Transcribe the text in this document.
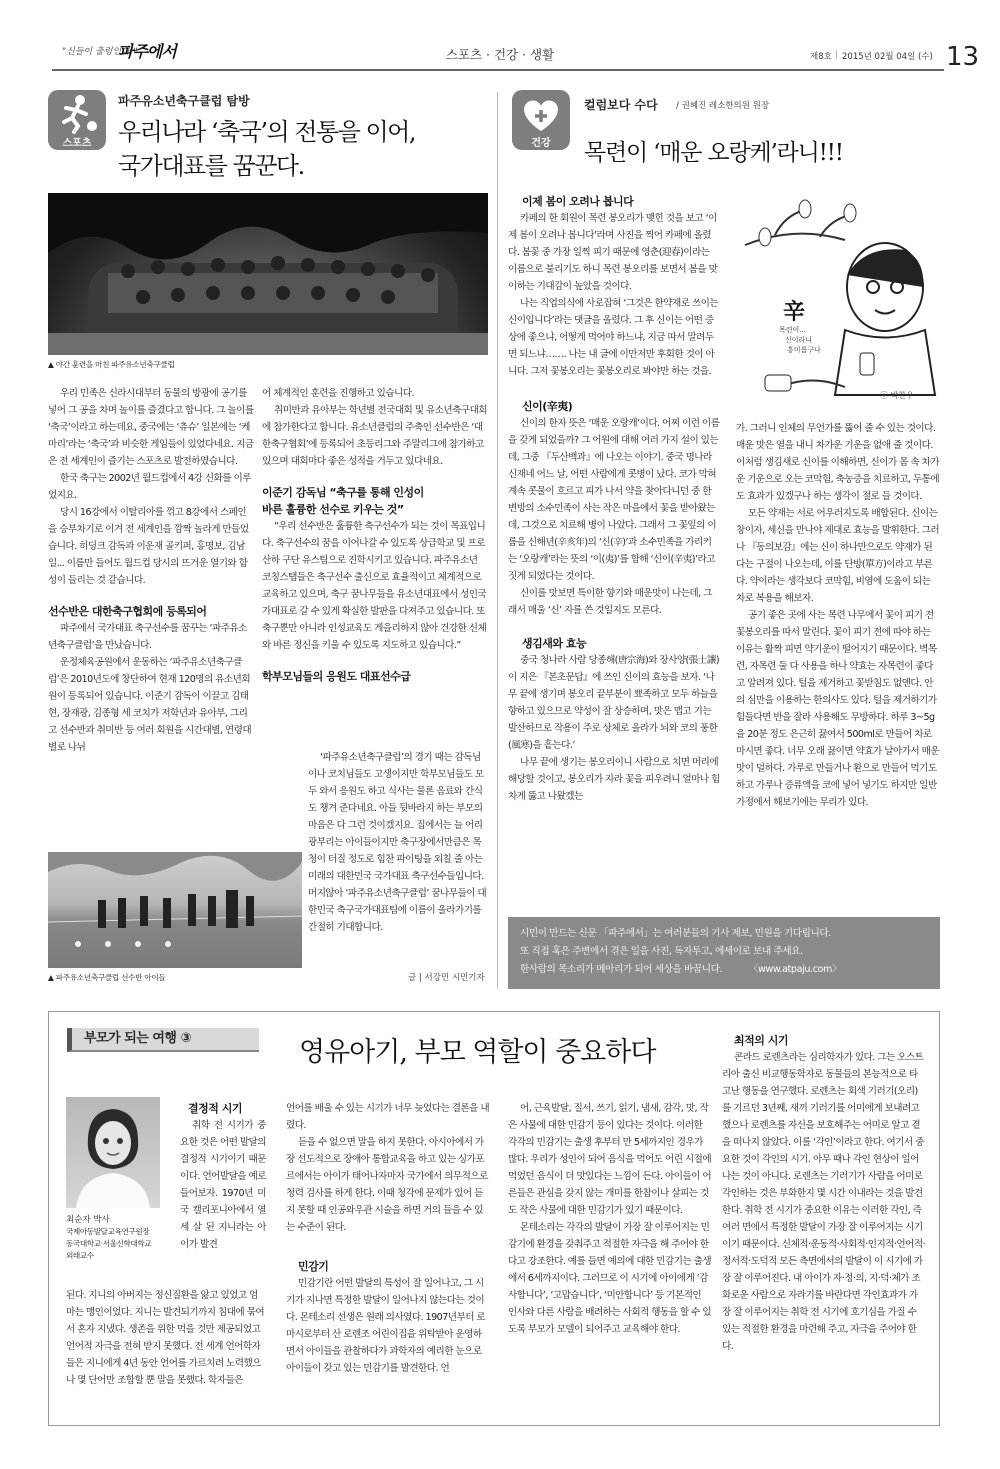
"신들이 출렁인다!"
파주에서	스포츠 · 건강 · 생활	제8호 | 2015년 02월 04일 (수) 13
스포츠
파주유소년축구클럽 탐방
우리나라 ‘축국’의 전통을 이어,
국가대표를 꿈꾼다.
▲ 야간 훈련을 마친 파주유소년축구클럽

우리 민족은 신라시대부터 동물의 방광에 공기를 넣어 그 공을 차며 놀이를 즐겼다고 합니다. 그 놀이를 ‘축국’이라고 하는데요, 중국에는 ‘츄슈’ 일본에는 ‘케마리’라는 ‘축국’과 비슷한 게임들이 있었다네요. 지금은 전 세계인이 즐기는 스포츠로 발전하였습니다.

한국 축구는 2002년 월드컵에서 4강 신화를 이루었지요.

당시 16강에서 이탈리아를 꺾고 8강에서 스페인을 승부차기로 이겨 전 세계인을 깜짝 놀라게 만들었습니다. 히딩크 감독과 이운재 골키퍼, 홍명보, 김남일... 이름만 들어도 월드컵 당시의 뜨거운 열기와 함성이 들리는 것 같습니다.

선수반은 대한축구협회에 등록되어

파주에서 국가대표 축구선수를 꿈꾸는 ‘파주유소년축구클럽’을 만났습니다.

운정체육공원에서 운동하는 ‘파주유소년축구클럽’은 2010년도에 창단하여 현재 120명의 유소년회원이 등록되어 있습니다. 이준기 감독이 이끌고 김태현, 장재광, 김종형 세 코치가 저학년과 유아부, 그리고 선수반과 취미반 등 여러 회원을 시간대별, 연령대별로 나뉘

어 체계적인 훈련을 진행하고 있습니다.

취미반과 유아부는 학년별 전국대회 및 유소년축구대회에 참가한다고 합니다. 유소년클럽의 주축인 선수반은 ‘대한축구협회’에 등록되어 초등리그와 주말리그에 참가하고 있으며 대회마다 좋은 성적을 거두고 있다네요.

이준기 감독님 “축구를 통해 인성이
바른 훌륭한 선수로 키우는 것”

“우리 선수반은 훌륭한 축구선수가 되는 것이 목표입니다. 축구선수의 꿈을 이어나갈 수 있도록 상급학교 및 프로 산하 구단 유스팀으로 진학시키고 있습니다. 파주유소년 코칭스탭들은 축구선수 출신으로 효율적이고 체계적으로 교육하고 있으며, 축구 꿈나무들을 유소년대표에서 성인국가대표로 갈 수 있게 확실한 발판을 다져주고 있습니다. 또 축구뿐만 아니라 인성교육도 게을리하지 않아 건강한 신체와 바른 정신을 키울 수 있도록 지도하고 있습니다.”

학부모님들의 응원도 대표선수급
▲ 파주유소년축구클럽 선수반 아이들

‘파주유소년축구클럽’의 경기 때는 감독님이나 코치님들도 고생이지만 학부모님들도 모두 와서 응원도 하고 식사는 물론 음료와 간식도 챙겨 준다네요. 아들 뒷바라지 하는 부모의 마음은 다 그런 것이겠지요. 집에서는 늘 어리광부리는 아이들이지만 축구장에서만큼은 목청이 터질 정도로 힘찬 파이팅을 외칠 줄 아는 미래의 대한민국 국가대표 축구선수들입니다. 머지않아 ‘파주유소년축구클럽’ 꿈나무들이 대한민국 축구국가대표팀에 이름이 올라가기를 간절히 기대합니다.

글 | 서강민 시민기자
건강
컬럼보다 수다 / 권혜진 레소한의원 원장
목련이 ‘매운 오랑케’라니!!!
이제 봄이 오려나 봅니다

카페의 한 회원이 목련 봉오리가 맺힌 것을 보고 ‘이제 봄이 오려나 봅니다’라며 사진을 찍어 카페에 올렸다. 봄꽃 중 가장 일찍 피기 때문에 영춘(迎春)이라는 이름으로 불리기도 하니 목련 봉오리를 보면서 봄을 맞이하는 기대감이 높았을 것이다.

나는 직업의식에 사로잡혀 ‘그것은 한약재로 쓰이는 신이입니다’라는 댓글을 올렸다. 그 후 신이는 어떤 증상에 좋으냐, 어떻게 먹어야 하느냐, 지금 따서 말려두면 되느냐……. 나는 내 글에 이만저만 후회한 것이 아니다. 그저 꽃봉오리는 꽃봉오리로 봐야만 하는 것을.

신이(辛夷)

신이의 한자 뜻은 ‘매운 오랑캐’이다. 어찌 이런 이름을 갖게 되었을까? 그 어원에 대해 여러 가지 설이 있는데, 그중 『두산백과』에 나오는 이야기. 중국 명나라 신재네 어느 날, 어떤 사람에게 콧병이 났다. 코가 막혀 계속 콧물이 흐르고 피가 나서 약을 찾아다니던 중 한 변방의 소수민족이 사는 작은 마을에서 꽃을 받아왔는데, 그것으로 치료해 병이 나았다. 그래서 그 꽃잎의 이름을 신해년(辛亥年)의 ‘신(辛)’과 소수민족을 가리키는 ‘오랑캐’라는 뜻의 ‘이(夷)’를 합해 ‘신이(辛夷)’라고 짓게 되었다는 것이다.

신이를 맛보면 특이한 향기와 매운맛이 나는데, 그래서 매울 ‘신’ 자를 쓴 것일지도 모른다.

생김새와 효능

중국 청나라 사람 당종해(唐宗海)와 장사양(張士讓)이 지은 『본초문답』에 쓰인 신이의 효능을 보자. ‘나무 끝에 생기며 봉오리 끝부분이 뾰족하고 모두 하늘을 향하고 있으므로 약성이 잘 상승하며, 맛은 맵고 기는 발산하므로 작용이 주로 상체로 올라가 뇌와 코의 풍한(風寒)을 흩는다.’

나무 끝에 생기는 봉오리이니 사람으로 치면 머리에 해당할 것이고, 봉오리가 자라 꽃을 피우려니 얼마나 힘차게 뚫고 나왔겠는

辛
목련이...
신이라니
흥미롭구나
ⓒ 박찬우
가. 그러니 인체의 무언가를 뚫어 줄 수 있는 것이다. 매운 맛은 열을 내니 차가운 기운을 없애 줄 것이다. 이처럼 생김새로 신이를 이해하면, 신이가 몸 속 차가운 기운으로 오는 코막힘, 축농증을 치료하고, 두통에도 효과가 있겠구나 하는 생각이 절로 들 것이다.

모든 약재는 서로 어우러지도록 배합된다. 신이는 창이자, 세신을 만나야 제대로 효능을 발휘한다. 그러나 『동의보감』에는 신이 하나만으로도 약재가 된다는 구절이 나오는데, 이를 단방(單方)이라고 부른다. 약이라는 생각보다 코막힘, 비염에 도움이 되는 차로 복용을 해보자.

공기 좋은 곳에 사는 목련 나무에서 꽃이 피기 전 꽃봉오리를 따서 말린다. 꽃이 피기 전에 따야 하는 이유는 활짝 피면 약기운이 떨어지기 때문이다. 벽목련, 자목련 둘 다 사용을 하나 약효는 자목련이 좋다고 알려져 있다. 털을 제거하고 꽃받침도 없앤다. 안의 심만을 이용하는 한의사도 있다. 털을 제거하기가 힘들다면 반을 잘라 사용해도 무방하다. 하루 3~5g을 20분 정도 은근히 끓여서 500ml로 만들어 차로 마시면 좋다. 너무 오래 끓이면 약효가 날아가서 매운맛이 덜하다. 가루로 만들거나 환으로 만들어 먹기도 하고 가루나 증류액을 코에 넣어 넣기도 하지만 일반 가정에서 해보기에는 무리가 있다.

시민이 만드는 신문 「파주에서」는 여러분들의 기사 제보, 민원을 기다립니다.
또 직접 혹은 주변에서 겪은 일을 사진, 독자투고, 에세이로 보내 주세요.
한사람의 목소리가 메아리가 되어 세상을 바꿉니다.	〈www.atpaju.com〉
부모가 되는 여행 ③	영유아기, 부모 역할이 중요하다
최순자 박사
국제아동발달교육연구원장
동국대학교·서울신학대학교
외래교수
결정적 시기
취학 전 시기가 중요한 것은 어떤 발달의 결정적 시기이기 때문이다. 언어발달을 예로 들어보자. 1970년 미국 캘리포니아에서 열세 살 된 지니라는 아이가 발견
된다. 지니의 아버지는 정신질환을 앓고 있었고 엄마는 맹인이었다. 지니는 발견되기까지 침대에 묶여서 혼자 지냈다. 생존을 위한 먹을 것만 제공되었고 언어적 자극을 전혀 받지 못했다. 전 세계 언어학자들은 지니에게 4년 동안 언어를 가르치려 노력했으나 몇 단어만 조합할 뿐 말을 못했다. 학자들은
언어를 배울 수 있는 시기가 너무 늦었다는 결론을 내렸다.

듣을 수 없으면 말을 하지 못한다. 아시아에서 가장 선도적으로 장애아 통합교육을 하고 있는 싱가포르에서는 아이가 태어나자마자 국가에서 의무적으로 청력 검사를 하게 한다. 이때 청각에 문제가 있어 듣지 못할 때 인공와우관 시술을 하면 거의 들을 수 있는 수준이 된다.

민감기

민감기란 어떤 발달의 특성이 잘 일어나고, 그 시기가 지나면 특정한 발달이 일어나지 않는다는 것이다. 몬테소리 선생은 원래 의사였다. 1907년부터 로마시로부터 산 로렌조 어린이집을 위탁받아 운영하면서 아이들을 관찰하다가 과학자의 예리한 눈으로 아이들이 갖고 있는 민감기를 발견한다. 언

어, 근육발달, 질서, 쓰기, 읽기, 냄새, 감각, 맛, 작은 사물에 대한 민감기 등이 있다는 것이다. 이러한 각각의 민감기는 출생 후부터 만 5세까지인 경우가 많다. 우리가 성인이 되어 음식을 먹어도 어린 시절에 먹었던 음식이 더 맛있다는 느낌이 든다. 아이들이 어른들은 관심을 갖지 않는 개미를 한참이나 살피는 것도 작은 사물에 대한 민감기가 있기 때문이다.

몬테소리는 각각의 발달이 가장 잘 이루어지는 민감기에 환경을 갖춰주고 적절한 자극을 해 주어야 한다고 강조한다. 예를 들면 예의에 대한 민감기는 출생에서 6세까지이다. 그러므로 이 시기에 아이에게 ‘감사합니다’, ‘고맙습니다’, ‘미안합니다’ 등 기본적인 인사와 다른 사람을 배려하는 사회적 행동을 할 수 있도록 부모가 모델이 되어주고 교육해야 한다.

최적의 시기

콘라드 로렌츠라는 심리학자가 있다. 그는 오스트리아 출신 비교행동학자로 동물들의 본능적으로 타고난 행동을 연구했다. 로렌츠는 회색 기러기(오리)를 기르던 3년째, 새끼 기러기를 어미에게 보내려고 했으나 로렌츠를 자신을 보호해주는 어미로 알고 곁을 떠나지 않았다. 이를 ‘각인’이라고 한다. 여기서 중요한 것이 각인의 시기. 아무 때나 각인 현상이 일어나는 것이 아니다. 로렌츠는 기러기가 사람을 어미로 각인하는 것은 부화한지 몇 시간 이내라는 것을 발견한다. 취학 전 시기가 중요한 이유는 이러한 각인, 즉 여러 면에서 특정한 발달이 가장 잘 이루어지는 시기이기 때문이다. 신체적·운동적·사회적·인지적·언어적·정서적·도덕적 모든 측면에서의 발달이 이 시기에 가장 잘 이루어진다. 내 아이가 자·정·의, 지·덕·체가 조화로운 사람으로 자라기를 바란다면 각인효과가 가장 잘 이루어지는 취학 전 시기에 호기심을 가질 수 있는 적절한 환경을 마련해 주고, 자극을 주어야 한다.
